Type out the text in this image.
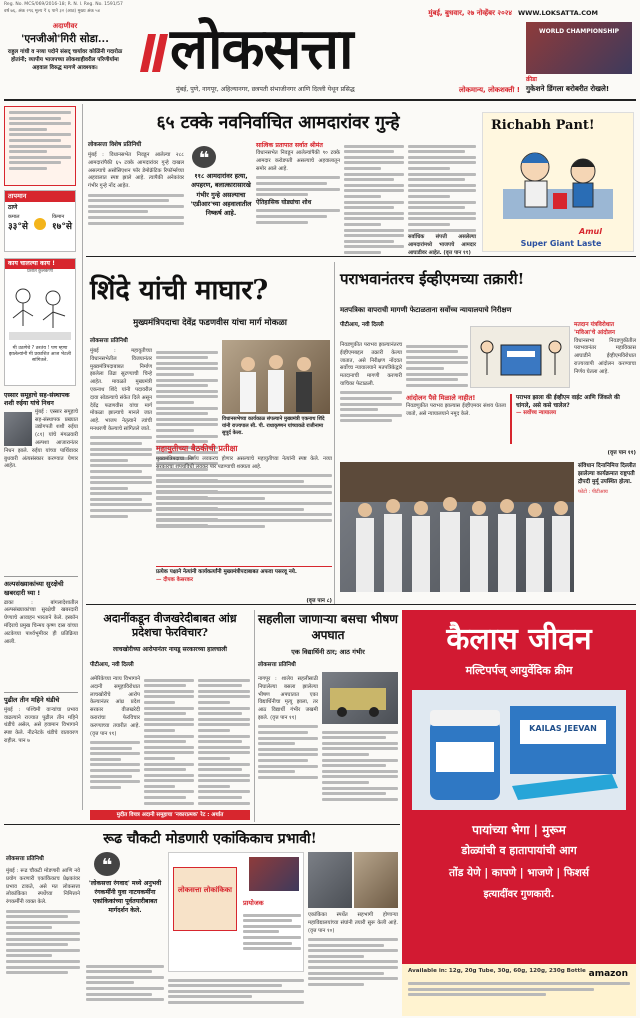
Reg. No. MCS/069/2016-18; R. N. I. Reg. No. 1591/57
वर्ष ७६, अंक २९६ मूल्य ₹ ६ पाने ३२ (आठ) मुख्य अंक ५४	मुंबई, बुधवार, २७ नोव्हेंबर २०२४ WWW.LOKSATTA.COM
अदाणीवर
'एनजीओ'गिरी सोडा...
राहुल गांधी व नव्या पदोने संसद्‌ चार्यावर कोळिंनी गदारोळ होतांनी; व्यापीय भाजपच्या लोकशाहीवरील परिणीर्यामा अहवाल विरुद्ध मागणे आवश्यक।	लोकसत्ता
मुंबई, पुणे, नागपूर, अहिल्यानगर, छत्रपती संभाजीनगर आणि दिल्ली येथून प्रसिद्ध	लोकमान्य, लोकशक्ती !
WORLD CHAMPIONSHIP
क्रीडा
गुकेशने डिंगला बरोबरीत रोखले!
तापमान
ठाणे
कमाल
३३°से
किमान
१७°से
काय चालल्या काय !
प्रशांत कुलकर्णी
मी उठणेचे ? ठरतंय ! पण म्हणा झालेल्यांनी मी प्रकाशित आज भेटली सांगितले.
एस्सार समूहाचे सह-संस्थापक शशी रुईया यांचे निधन
मुंबई : एस्सार समूहाचे सह-संस्थापक प्रख्यात उद्योगपती शशी रुईया (८१) यांचे मंगळवारी अल्पशा आजारानंतर निधन झाले. रुईया यांच्या पार्थिवावर बुधवारी अंत्यसंस्कार करण्यात येणार आहेत.
अल्पसंख्याकांच्या सुरक्षेची खबरदारी घ्या !
ढाका : बांगलादेशातील अल्पसंख्याकांच्या सुरक्षेची खबरदारी घेण्याचे आवाहन भारताने केले. इस्कॉन मंदिराचे प्रमुख चिन्मय कृष्ण दास यांच्या अटकेच्या पार्श्वभूमीवर ही प्रतिक्रिया आली.
पुढील तीन महिने थंडीचे
मुंबई : पश्चिमी वाऱ्यांचा प्रभाव वाढल्याने राज्यात पुढील तीन महिने थंडीचे असेल, असे हवामान विभागाने स्पष्ट केले. नीटनेटके थंडीचे वातावरण राहील. पान ७
६५ टक्के नवनिर्वाचित आमदारांवर गुन्हे
लोकसत्ता विशेष प्रतिनिधी
मुंबई : विधानसभेत निवडून आलेल्या २८८ आमदारांपैकी ६५ टक्के आमदारांवर गुन्हे दाखल असल्याचे असोसिएशन फॉर डेमोक्रॅटिक रिफॉर्म्सच्या अहवालात स्पष्ट झाले आहे. त्यापैकी अनेकांवर गंभीर गुन्हे नोंद आहेत.
❝
११८ आमदारांवर हत्या, अपहरण, बलात्कारासारखे गंभीर गुन्हे असल्याचा 'एडीआर'च्या अहवालातील निष्कर्ष आहे.
सात्विक प्रतापात सर्वात श्रीमंत
विधानसभेत निवडून आलेल्यांपैकी ९० टक्के आमदार करोडपती असल्याचे अहवालातून समोर आले आहे.
ऐतिहासिक घोड्यांचा शोध
सर्वाधिक संपत्ती असलेल्या आमदारांमध्ये भाजपचे आमदार आघाडीवर आहेत. (वृत्त पान ११)
Richabh Pant!
Amul
Super Giant Laste
शिंदे यांची माघार?
मुख्यमंत्रिपदाचा देवेंद्र फडणवीस यांचा मार्ग मोकळा
लोकसत्ता प्रतिनिधी
मुंबई : महायुतीच्या विधानसभेतील विजयानंतर मुख्यमंत्रिपदाबाबत निर्माण झालेला तिढा सुटण्याची चिन्हे आहेत. मावळते मुख्यमंत्री एकनाथ शिंदे यांनी पदावरील दावा सोडल्याचे संकेत दिले असून देवेंद्र फडणवीस यांचा मार्ग मोकळा झाल्याचे मानले जात आहे. भाजप नेतृत्वाने त्यांची मनधरणी केल्याचे सांगितले जाते.
विधानसभेच्या कार्यकाळ संपल्याने मुख्यमंत्री एकनाथ शिंदे यांनी राज्यपाल सी. पी. राधाकृष्णन यांच्याकडे राजीनामा सुपूर्द केला.
महायुतीच्या बैठकीची प्रतीक्षा
मुख्यमंत्रिपदाचा निर्णय लवकरच होणार असल्याचे महायुतीच्या नेत्यांनी स्पष्ट केले. नव्या सरकारचा शपथविधी लवकर पार पडण्याची शक्यता आहे.
प्रत्येक पक्षाने नेत्यांनी कार्यकर्त्यांनी मुख्यमंत्रीपदाबाबत अफवा पसरवू नये.
— दीपक केसरकर
(वृत्त पान ८)
पराभवानंतरच ईव्हीएमच्या तक्रारी!
मतपत्रिका वापराची मागणी फेटाळताना सर्वोच्च न्यायालयाचे निरीक्षण
पीटीआय, नवी दिल्ली
निवडणुकीत पराभव झाल्यानंतरच ईव्हीएमबद्दल तक्रारी केल्या जातात, असे निरीक्षण नोंदवत सर्वोच्च न्यायालयाने मतपत्रिकेद्वारे मतदानाची मागणी करणारी याचिका फेटाळली.
मतदान यंत्रविरोधात 'मविआ'चे आंदोलन
विधानसभा निवडणुकीतील पराभवानंतर महाविकास आघाडीने ईव्हीएमविरोधात राज्यव्यापी आंदोलन करण्याचा निर्णय घेतला आहे.
आंदोलन पैसे मिळाले नाहीत!
निवडणुकीत पराभव झाल्यास ईव्हीएमवर संशय घेतला जातो, असे न्यायालयाने नमूद केले.
पराभव झाला की ईव्हीएम वाईट आणि जिंकले की चांगले, असे कसे चालेल?
— सर्वोच्च न्यायालय
(वृत्त पान ११)
संविधान दिनानिमित्त दिल्लीत झालेल्या कार्यक्रमात राष्ट्रपती द्रौपदी मुर्मू उपस्थित होत्या.
फोटो : पीटीआय
अदानींकडून वीजखरेदीबाबत आंध्र प्रदेशचा फेरविचार?
लाचखोरीच्या आरोपानंतर नायडू सरकारच्या हालचाली
पीटीआय, नवी दिल्ली
अमेरिकेच्या न्याय विभागाने अदानी समूहाविरोधात लाचखोरीचे आरोप केल्यानंतर आंध्र प्रदेश सरकार वीजखरेदी करारांचा फेरविचार करण्याच्या तयारीत आहे. (वृत्त पान ११)
मुदीत विचत्र अदानी समूहाचा 'नकारात्मक' रेट : अर्थात
सहलीला जाणाऱ्या बसचा भीषण अपघात
एक विद्यार्थिनी ठार; आठ गंभीर
लोकसत्ता प्रतिनिधी
नागपूर : शालेय सहलीसाठी निघालेल्या बसला झालेल्या भीषण अपघातात एका विद्यार्थिनीचा मृत्यू झाला, तर आठ विद्यार्थी गंभीर जखमी झाले. (वृत्त पान ११)
कैलास जीवन
मल्टिपर्पज् आयुर्वेदिक क्रीम
KAILAS JEEVAN
पायांच्या भेगा | मुरूम
डोळ्यांची व हातापायांची आग
तोंड येणे | कापणे | भाजणे | फिशर्स
इत्यादींवर गुणकारी.
Available in: 12g, 20g Tube, 30g, 60g, 120g, 230g Bottle amazon
रूढ चौकटी मोडणारी एकांकिकाच प्रभावी!
लोकसत्ता प्रतिनिधी
मुंबई : रूढ चौकटी मोडणारी आणि नवे प्रयोग करणारी एकांकिकाच प्रेक्षकांवर प्रभाव टाकते, असे मत लोकसत्ता लोकांकिका स्पर्धेच्या निमित्ताने रंगकर्मींनी व्यक्त केले.
❝
'लोकसत्ता रंगवाद' मध्ये अनुभवी रंगकर्मींनी युवा नाटयकर्मींना एकांकिकांच्या पूर्वतयारीबाबत मार्गदर्शन केले.
प्रायोजक
लोकसत्ता लोकांकिका
एकांकिका स्पर्धेत सहभागी होणाऱ्या महाविद्यालयांच्या संघांनी तयारी सुरू केली आहे. (वृत्त पान १०)
